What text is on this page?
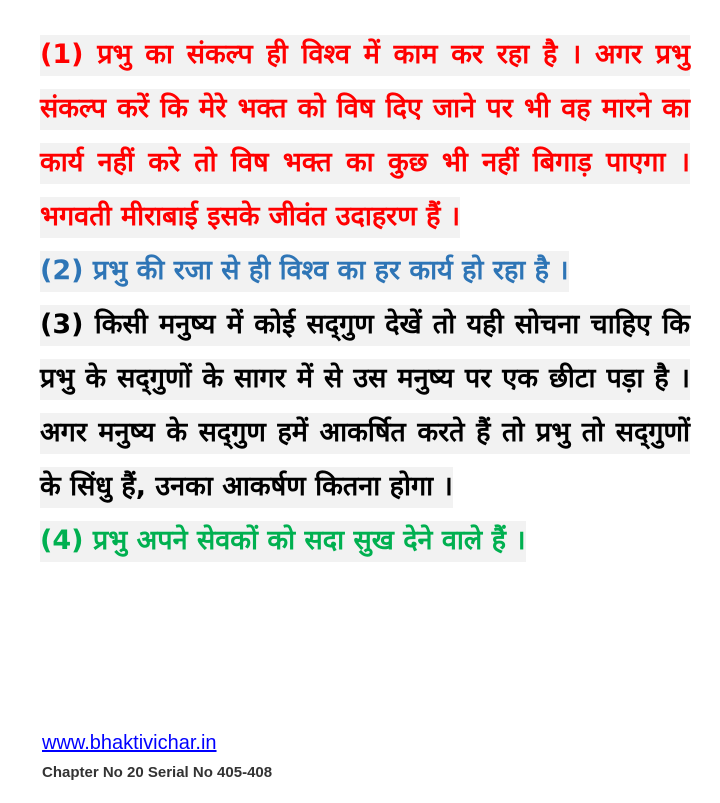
(1) प्रभु का संकल्प ही विश्व में काम कर रहा है । अगर प्रभु संकल्प करें कि मेरे भक्त को विष दिए जाने पर भी वह मारने का कार्य नहीं करे तो विष भक्त का कुछ भी नहीं बिगाड़ पाएगा । भगवती मीराबाई इसके जीवंत उदाहरण हैं ।

(2) प्रभु की रजा से ही विश्व का हर कार्य हो रहा है ।

(3) किसी मनुष्य में कोई सद्‌गुण देखें तो यही सोचना चाहिए कि प्रभु के सद्‌गुणों के सागर में से उस मनुष्य पर एक छीटा पड़ा है । अगर मनुष्य के सद्‌गुण हमें आकर्षित करते हैं तो प्रभु तो सद्‌गुणों के सिंधु हैं, उनका आकर्षण कितना होगा ।

(4) प्रभु अपने सेवकों को सदा सुख देने वाले हैं ।

www.bhaktivichar.in
Chapter No 20 Serial No 405-408
